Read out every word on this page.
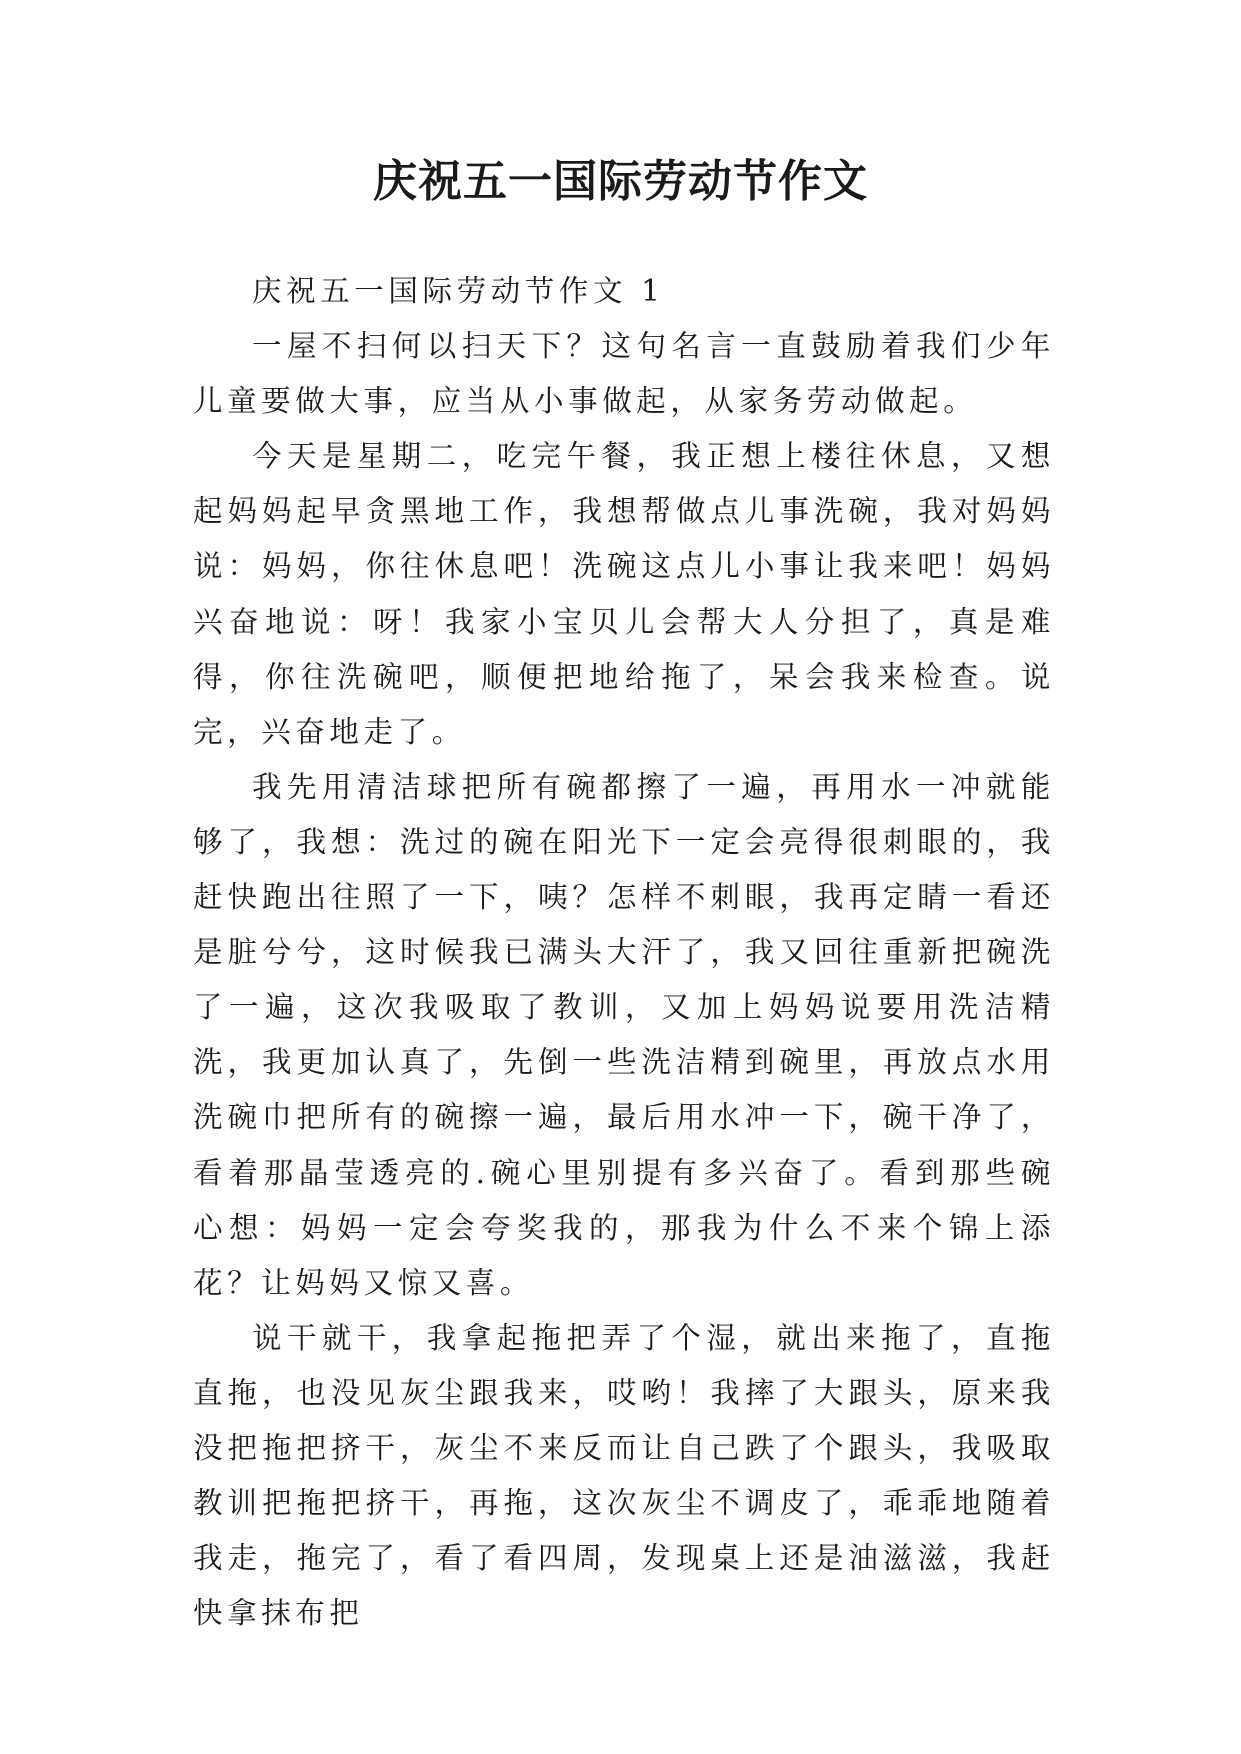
庆祝五一国际劳动节作文

庆祝五一国际劳动节作文 1

一屋不扫何以扫天下？这句名言一直鼓励着我们少年儿童要做大事，应当从小事做起，从家务劳动做起。

今天是星期二，吃完午餐，我正想上楼往休息，又想起妈妈起早贪黑地工作，我想帮做点儿事洗碗，我对妈妈说：妈妈，你往休息吧！洗碗这点儿小事让我来吧！妈妈兴奋地说：呀！我家小宝贝儿会帮大人分担了，真是难得，你往洗碗吧，顺便把地给拖了，呆会我来检查。说完，兴奋地走了。

我先用清洁球把所有碗都擦了一遍，再用水一冲就能够了，我想：洗过的碗在阳光下一定会亮得很刺眼的，我赶快跑出往照了一下，咦？怎样不刺眼，我再定睛一看还是脏兮兮，这时候我已满头大汗了，我又回往重新把碗洗了一遍，这次我吸取了教训，又加上妈妈说要用洗洁精洗，我更加认真了，先倒一些洗洁精到碗里，再放点水用洗碗巾把所有的碗擦一遍，最后用水冲一下，碗干净了，看着那晶莹透亮的.碗心里别提有多兴奋了。看到那些碗心想：妈妈一定会夸奖我的，那我为什么不来个锦上添花？让妈妈又惊又喜。

说干就干，我拿起拖把弄了个湿，就出来拖了，直拖直拖，也没见灰尘跟我来，哎哟！我摔了大跟头，原来我没把拖把挤干，灰尘不来反而让自己跌了个跟头，我吸取教训把拖把挤干，再拖，这次灰尘不调皮了，乖乖地随着我走，拖完了，看了看四周，发现桌上还是油滋滋，我赶快拿抹布把
